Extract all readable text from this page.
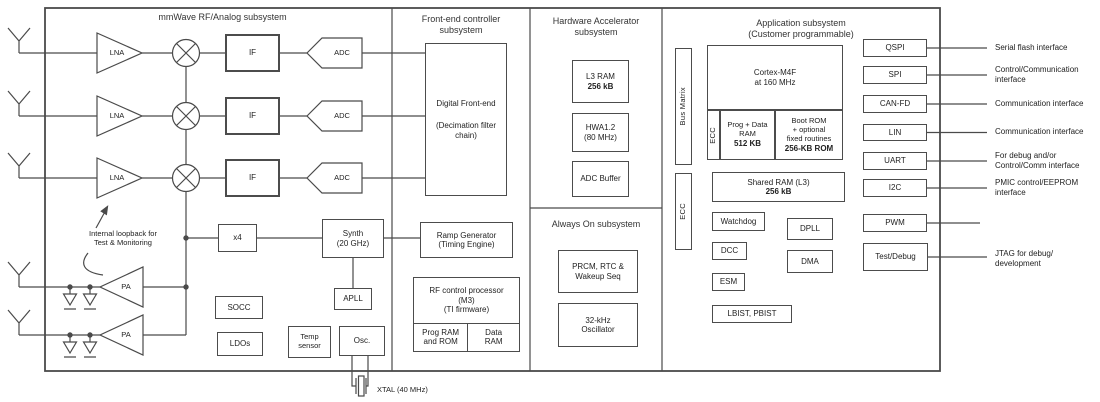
mmWave RF/Analog subsystem	Front-end controller
subsystem
Hardware Accelerator
subsystem
Application subsystem
(Customer programmable)
Always On subsystem
LNA
LNA
LNA
ADC
ADC
ADC
PA
PA
IF
IF
IF
Internal loopback for
Test & Monitoring
x4	Synth
(20 GHz)
APLL
SOCC
LDOs
Temp
sensor
Osc.
XTAL (40 MHz)
Digital Front-end
(Decimation filter
chain)
Ramp Generator
(Timing Engine)
RF control processor
(M3)
(TI firmware)
Prog RAM
and ROM
Data
RAM
L3 RAM
256 kB
HWA1.2
(80 MHz)
ADC Buffer
PRCM, RTC &
Wakeup Seq
32-kHz
Oscillator
Bus Matrix
ECC
Cortex-M4F
at 160 MHz
ECC
Prog + Data
RAM
512 KB
Boot ROM
+ optional
fixed routines
256-KB ROM
Shared RAM (L3)
256 kB
Watchdog
DPLL
DCC
DMA
ESM
LBIST, PBIST
QSPI
SPI
CAN-FD
LIN
UART
I2C
PWM
Test/Debug
Serial flash interface
Control/Communication
interface
Communication interface
Communication interface
For debug and/or
Control/Comm interface
PMIC control/EEPROM
interface
JTAG for debug/
development
